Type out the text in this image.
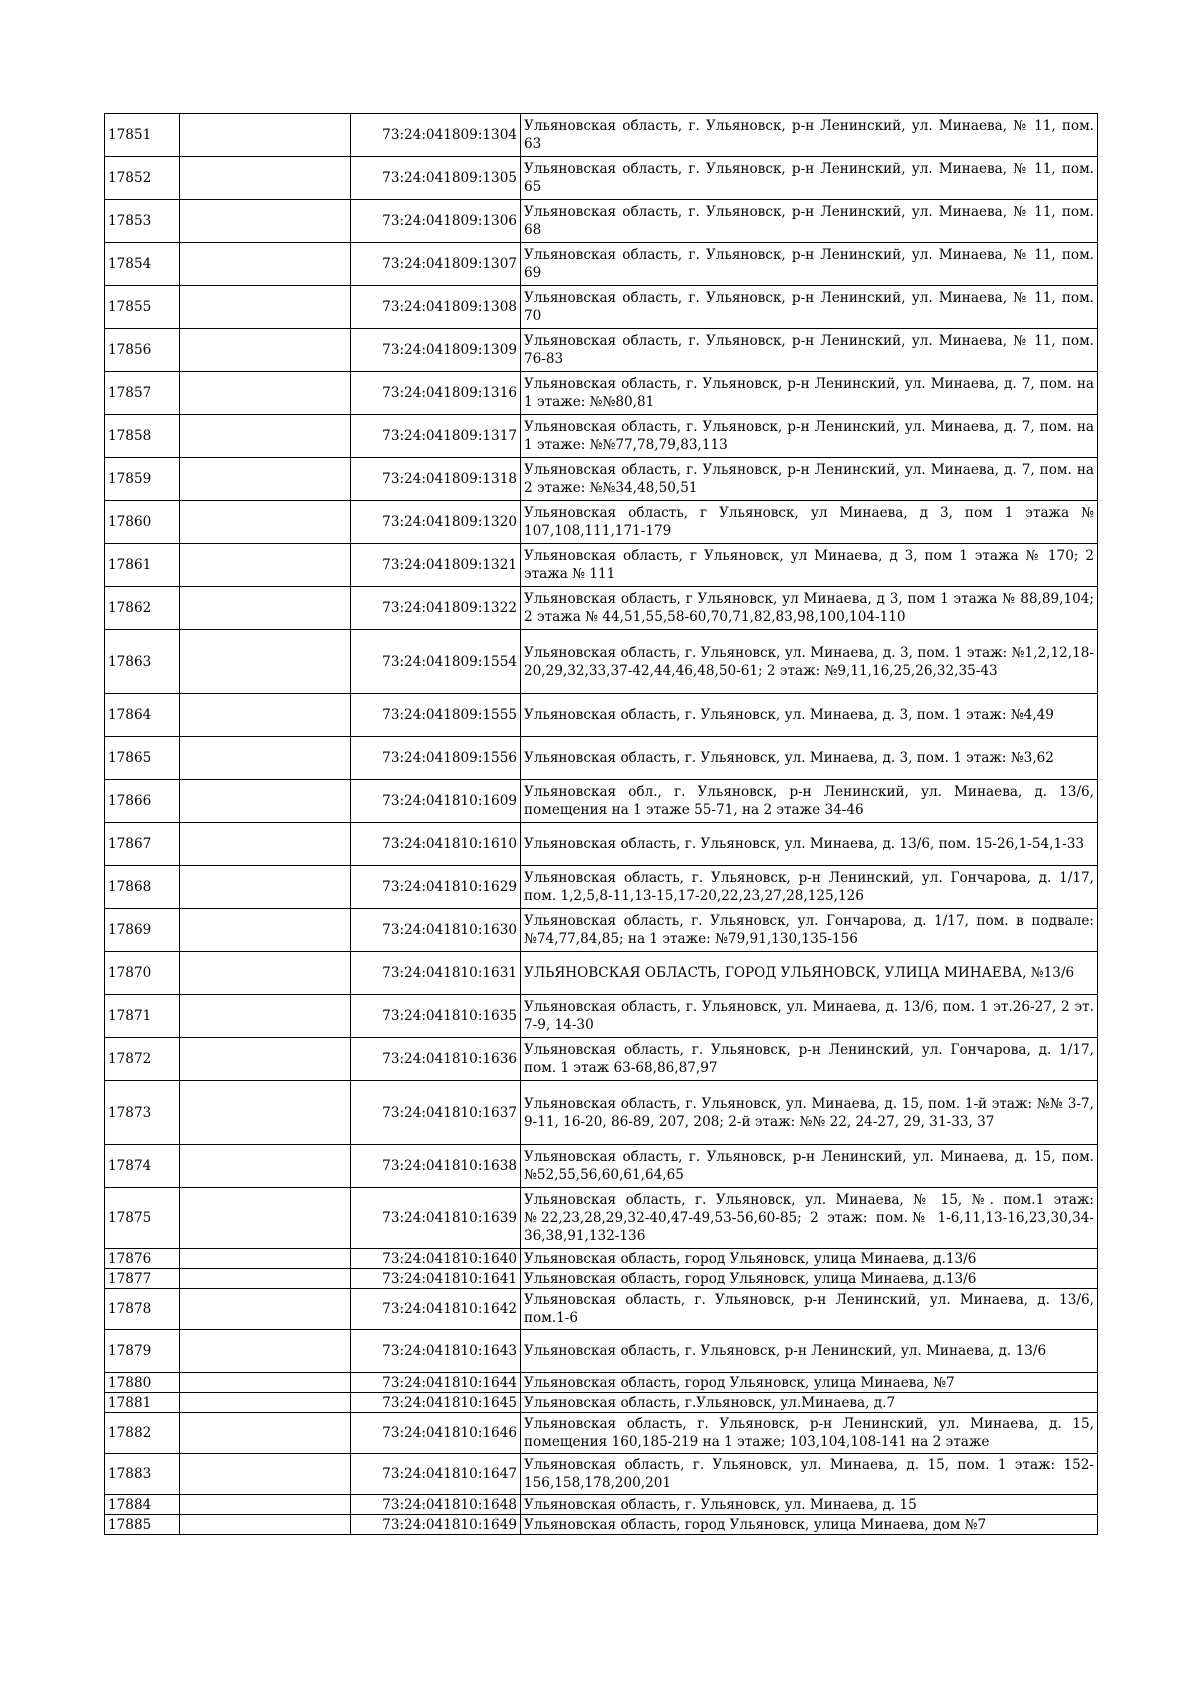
17851		73:24:041809:1304	Ульяновская область, г. Ульяновск, р-н Ленинский, ул. Минаева, № 11, пом. 63
17852		73:24:041809:1305	Ульяновская область, г. Ульяновск, р-н Ленинский, ул. Минаева, № 11, пом. 65
17853		73:24:041809:1306	Ульяновская область, г. Ульяновск, р-н Ленинский, ул. Минаева, № 11, пом. 68
17854		73:24:041809:1307	Ульяновская область, г. Ульяновск, р-н Ленинский, ул. Минаева, № 11, пом. 69
17855		73:24:041809:1308	Ульяновская область, г. Ульяновск, р-н Ленинский, ул. Минаева, № 11, пом. 70
17856		73:24:041809:1309	Ульяновская область, г. Ульяновск, р-н Ленинский, ул. Минаева, № 11, пом. 76-83
17857		73:24:041809:1316	Ульяновская область, г. Ульяновск, р-н Ленинский, ул. Минаева, д. 7, пом. на 1 этаже: №№80,81
17858		73:24:041809:1317	Ульяновская область, г. Ульяновск, р-н Ленинский, ул. Минаева, д. 7, пом. на 1 этаже: №№77,78,79,83,113
17859		73:24:041809:1318	Ульяновская область, г. Ульяновск, р-н Ленинский, ул. Минаева, д. 7, пом. на 2 этаже: №№34,48,50,51
17860		73:24:041809:1320	Ульяновская область, г Ульяновск, ул Минаева, д 3, пом 1 этажа № 107,108,111,171-179
17861		73:24:041809:1321	Ульяновская область, г Ульяновск, ул Минаева, д 3, пом 1 этажа № 170; 2 этажа № 111
17862		73:24:041809:1322	Ульяновская область, г Ульяновск, ул Минаева, д 3, пом 1 этажа № 88,89,104; 2 этажа № 44,51,55,58-60,70,71,82,83,98,100,104-110
17863		73:24:041809:1554	Ульяновская область, г. Ульяновск, ул. Минаева, д. 3, пом. 1 этаж: №1,2,12,18-20,29,32,33,37-42,44,46,48,50-61; 2 этаж: №9,11,16,25,26,32,35-43
17864		73:24:041809:1555	Ульяновская область, г. Ульяновск, ул. Минаева, д. 3, пом. 1 этаж: №4,49
17865		73:24:041809:1556	Ульяновская область, г. Ульяновск, ул. Минаева, д. 3, пом. 1 этаж: №3,62
17866		73:24:041810:1609	Ульяновская обл., г. Ульяновск, р-н Ленинский, ул. Минаева, д. 13/6, помещения на 1 этаже 55-71, на 2 этаже 34-46
17867		73:24:041810:1610	Ульяновская область, г. Ульяновск, ул. Минаева, д. 13/6, пом. 15-26,1-54,1-33
17868		73:24:041810:1629	Ульяновская область, г. Ульяновск, р-н Ленинский, ул. Гончарова, д. 1/17, пом. 1,2,5,8-11,13-15,17-20,22,23,27,28,125,126
17869		73:24:041810:1630	Ульяновская область, г. Ульяновск, ул. Гончарова, д. 1/17, пом. в подвале: №74,77,84,85; на 1 этаже: №79,91,130,135-156
17870		73:24:041810:1631	УЛЬЯНОВСКАЯ ОБЛАСТЬ, ГОРОД УЛЬЯНОВСК, УЛИЦА МИНАЕВА, №13/6
17871		73:24:041810:1635	Ульяновская область, г. Ульяновск, ул. Минаева, д. 13/6, пом. 1 эт.26-27, 2 эт. 7-9, 14-30
17872		73:24:041810:1636	Ульяновская область, г. Ульяновск, р-н Ленинский, ул. Гончарова, д. 1/17, пом. 1 этаж 63-68,86,87,97
17873		73:24:041810:1637	Ульяновская область, г. Ульяновск, ул. Минаева, д. 15, пом. 1-й этаж: №№ 3-7, 9-11, 16-20, 86-89, 207, 208; 2-й этаж: №№ 22, 24-27, 29, 31-33, 37
17874		73:24:041810:1638	Ульяновская область, г. Ульяновск, р-н Ленинский, ул. Минаева, д. 15, пом. №52,55,56,60,61,64,65
17875		73:24:041810:1639	Ульяновская область, г. Ульяновск, ул. Минаева, № 15, №. пом.1 этаж:№22,23,28,29,32-40,47-49,53-56,60-85; 2 этаж: пом.№ 1-6,11,13-16,23,30,34-36,38,91,132-136
17876		73:24:041810:1640	Ульяновская область, город Ульяновск, улица Минаева, д.13/6
17877		73:24:041810:1641	Ульяновская область, город Ульяновск, улица Минаева, д.13/6
17878		73:24:041810:1642	Ульяновская область, г. Ульяновск, р-н Ленинский, ул. Минаева, д. 13/6, пом.1-6
17879		73:24:041810:1643	Ульяновская область, г. Ульяновск, р-н Ленинский, ул. Минаева, д. 13/6
17880		73:24:041810:1644	Ульяновская область, город Ульяновск, улица Минаева, №7
17881		73:24:041810:1645	Ульяновская область, г.Ульяновск, ул.Минаева, д.7
17882		73:24:041810:1646	Ульяновская область, г. Ульяновск, р-н Ленинский, ул. Минаева, д. 15, помещения 160,185-219 на 1 этаже; 103,104,108-141 на 2 этаже
17883		73:24:041810:1647	Ульяновская область, г. Ульяновск, ул. Минаева, д. 15, пом. 1 этаж: 152-156,158,178,200,201
17884		73:24:041810:1648	Ульяновская область, г. Ульяновск, ул. Минаева, д. 15
17885		73:24:041810:1649	Ульяновская область, город Ульяновск, улица Минаева, дом №7
